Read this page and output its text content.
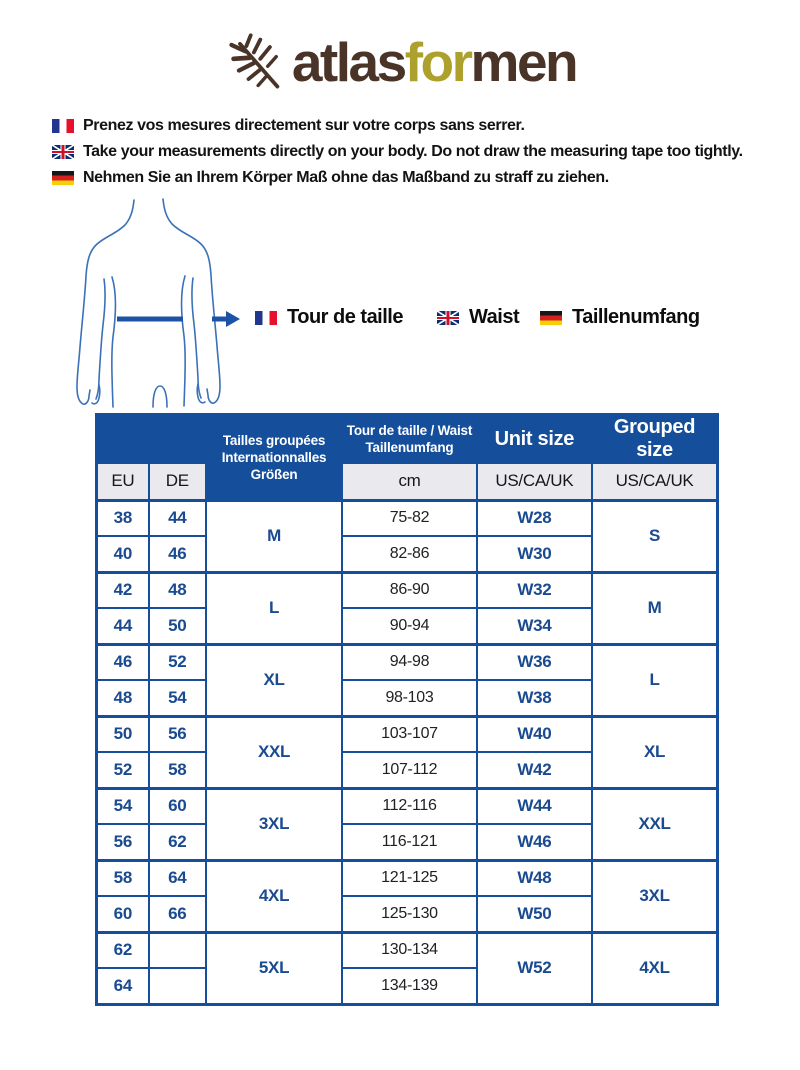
atlasformen
Prenez vos mesures directement sur votre corps sans serrer.
Take your measurements directly on your body. Do not draw the measuring tape too tightly.
Nehmen Sie an Ihrem Körper Maß ohne das Maßband zu straff zu ziehen.
Tour de taille	Waist	Taillenumfang

		Tailles groupées
Internationnalles
Größen	Tour de taille / Waist
Taillenumfang	Unit size	Grouped size
EU	DE		cm	US/CA/UK	US/CA/UK
38	44	M	75-82	W28	S
40	46		82-86	W30	
42	48	L	86-90	W32	M
44	50		90-94	W34	
46	52	XL	94-98	W36	L
48	54		98-103	W38	
50	56	XXL	103-107	W40	XL
52	58		107-112	W42	
54	60	3XL	112-116	W44	XXL
56	62		116-121	W46	
58	64	4XL	121-125	W48	3XL
60	66		125-130	W50	
62		5XL	130-134	W52	4XL
64			134-139		
